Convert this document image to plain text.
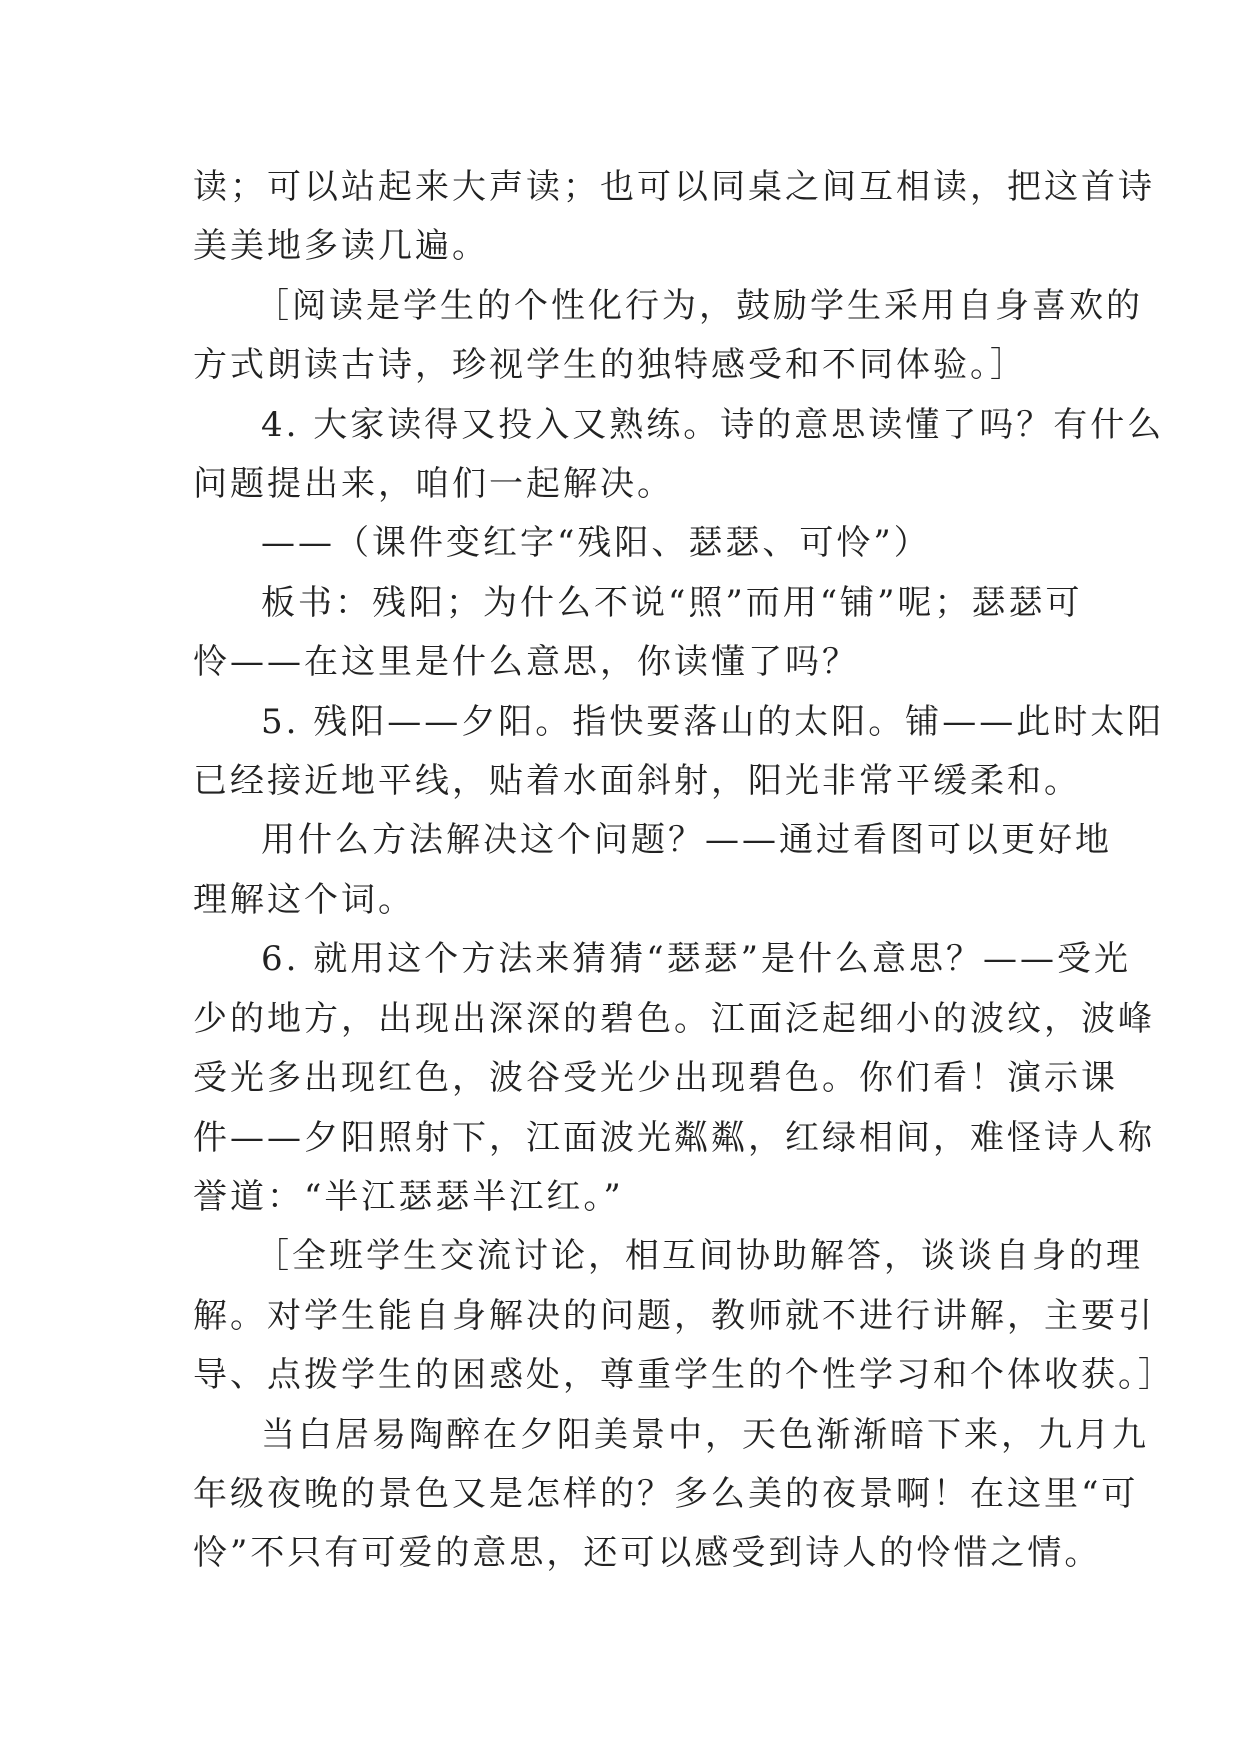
读；可以站起来大声读；也可以同桌之间互相读，把这首诗
美美地多读几遍。
［阅读是学生的个性化行为，鼓励学生采用自身喜欢的
方式朗读古诗，珍视学生的独特感受和不同体验。］
4. 大家读得又投入又熟练。诗的意思读懂了吗？有什么
问题提出来，咱们一起解决。
——（课件变红字“残阳、瑟瑟、可怜”）
板书：残阳；为什么不说“照”而用“铺”呢；瑟瑟可
怜——在这里是什么意思，你读懂了吗？
5. 残阳——夕阳。指快要落山的太阳。铺——此时太阳
已经接近地平线，贴着水面斜射，阳光非常平缓柔和。
用什么方法解决这个问题？——通过看图可以更好地
理解这个词。
6. 就用这个方法来猜猜“瑟瑟”是什么意思？——受光
少的地方，出现出深深的碧色。江面泛起细小的波纹，波峰
受光多出现红色，波谷受光少出现碧色。你们看！演示课
件——夕阳照射下，江面波光粼粼，红绿相间，难怪诗人称
誉道：“半江瑟瑟半江红。”
［全班学生交流讨论，相互间协助解答，谈谈自身的理
解。对学生能自身解决的问题，教师就不进行讲解，主要引
导、点拨学生的困惑处，尊重学生的个性学习和个体收获。］
当白居易陶醉在夕阳美景中，天色渐渐暗下来，九月九
年级夜晚的景色又是怎样的？多么美的夜景啊！在这里“可
怜”不只有可爱的意思，还可以感受到诗人的怜惜之情。
